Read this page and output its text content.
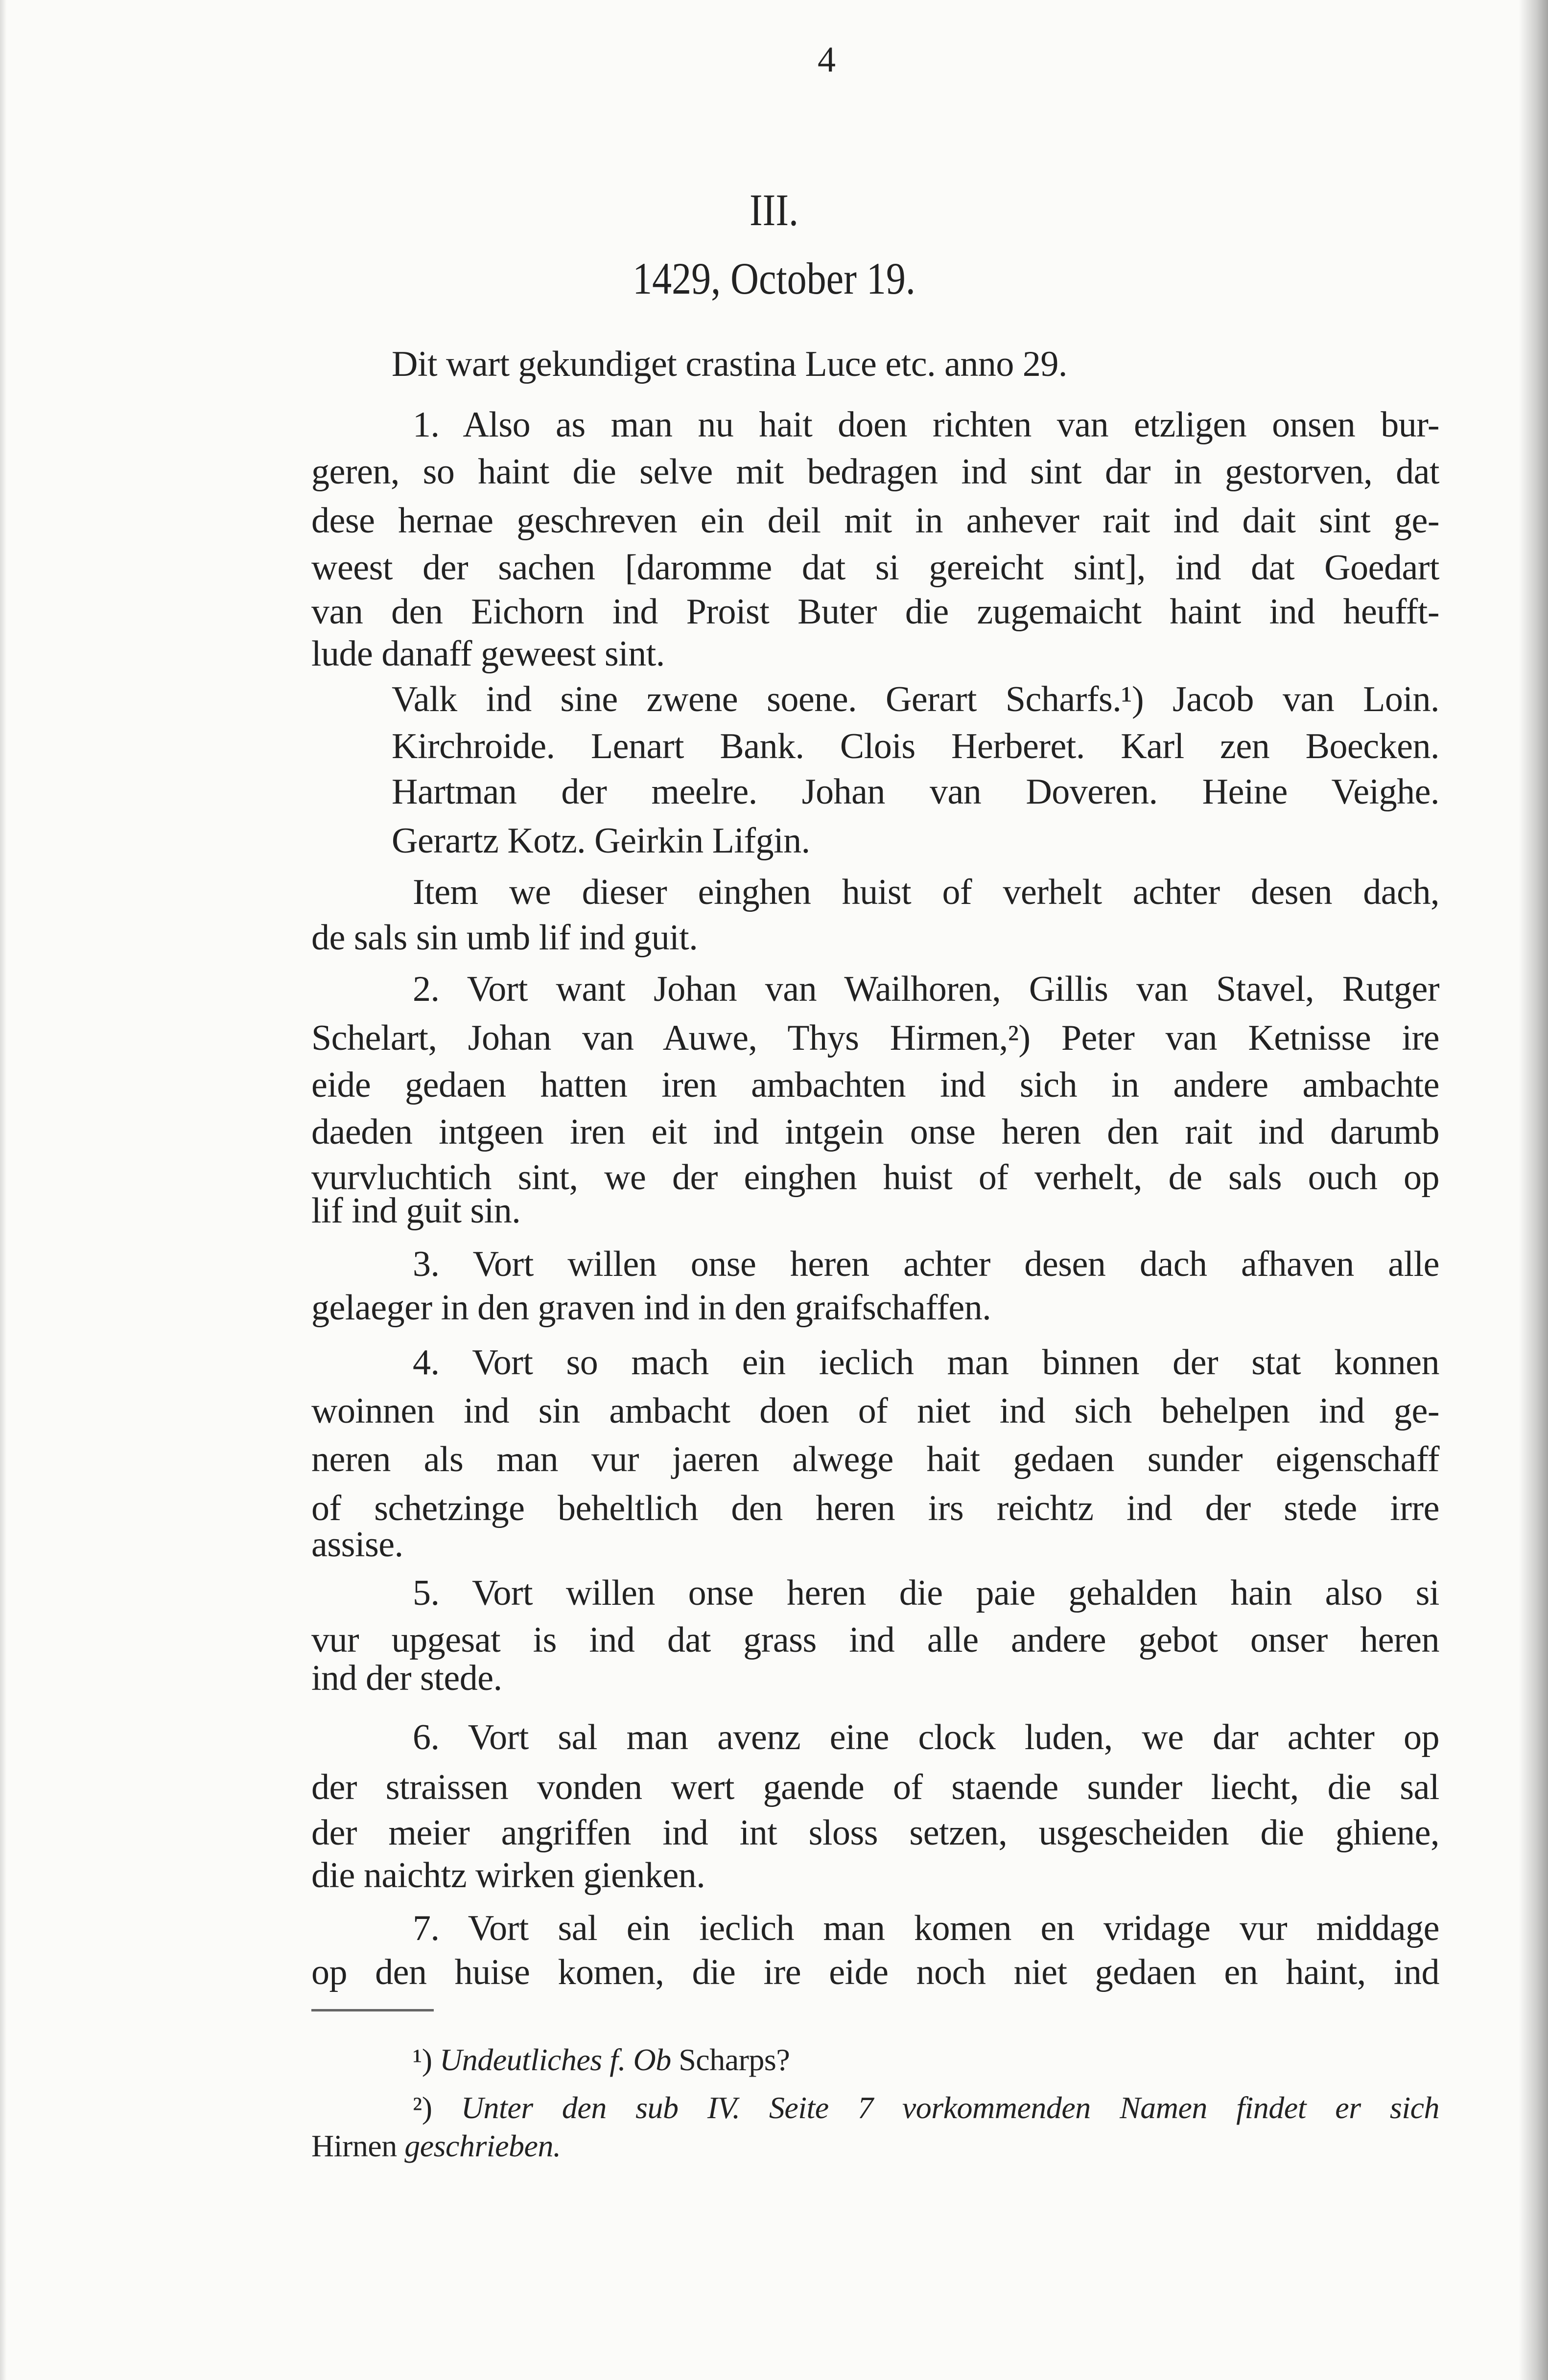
4
III.
1429, October 19.
Dit wart gekundiget crastina Luce etc. anno 29.
1. Also as man nu hait doen richten van etzligen onsen bur-
geren, so haint die selve mit bedragen ind sint dar in gestorven, dat
dese hernae geschreven ein deil mit in anhever rait ind dait sint ge-
weest der sachen [daromme dat si gereicht sint], ind dat Goedart
van den Eichorn ind Proist Buter die zugemaicht haint ind heufft-
lude danaff geweest sint.
Valk ind sine zwene soene. Gerart Scharfs.¹) Jacob van Loin.
Kirchroide. Lenart Bank. Clois Herberet. Karl zen Boecken.
Hartman der meelre. Johan van Doveren. Heine Veighe.
Gerartz Kotz. Geirkin Lifgin.
Item we dieser einghen huist of verhelt achter desen dach,
de sals sin umb lif ind guit.
2. Vort want Johan van Wailhoren, Gillis van Stavel, Rutger
Schelart, Johan van Auwe, Thys Hirmen,²) Peter van Ketnisse ire
eide gedaen hatten iren ambachten ind sich in andere ambachte
daeden intgeen iren eit ind intgein onse heren den rait ind darumb
vurvluchtich sint, we der einghen huist of verhelt, de sals ouch op
lif ind guit sin.
3. Vort willen onse heren achter desen dach afhaven alle
gelaeger in den graven ind in den graifschaffen.
4. Vort so mach ein ieclich man binnen der stat konnen
woinnen ind sin ambacht doen of niet ind sich behelpen ind ge-
neren als man vur jaeren alwege hait gedaen sunder eigenschaff
of schetzinge beheltlich den heren irs reichtz ind der stede irre
assise.
5. Vort willen onse heren die paie gehalden hain also si
vur upgesat is ind dat grass ind alle andere gebot onser heren
ind der stede.
6. Vort sal man avenz eine clock luden, we dar achter op
der straissen vonden wert gaende of staende sunder liecht, die sal
der meier angriffen ind int sloss setzen, usgescheiden die ghiene,
die naichtz wirken gienken.
7. Vort sal ein ieclich man komen en vridage vur middage
op den huise komen, die ire eide noch niet gedaen en haint, ind
¹) Undeutliches f. Ob Scharps?
²) Unter den sub IV. Seite 7 vorkommenden Namen findet er sich
Hirnen geschrieben.
